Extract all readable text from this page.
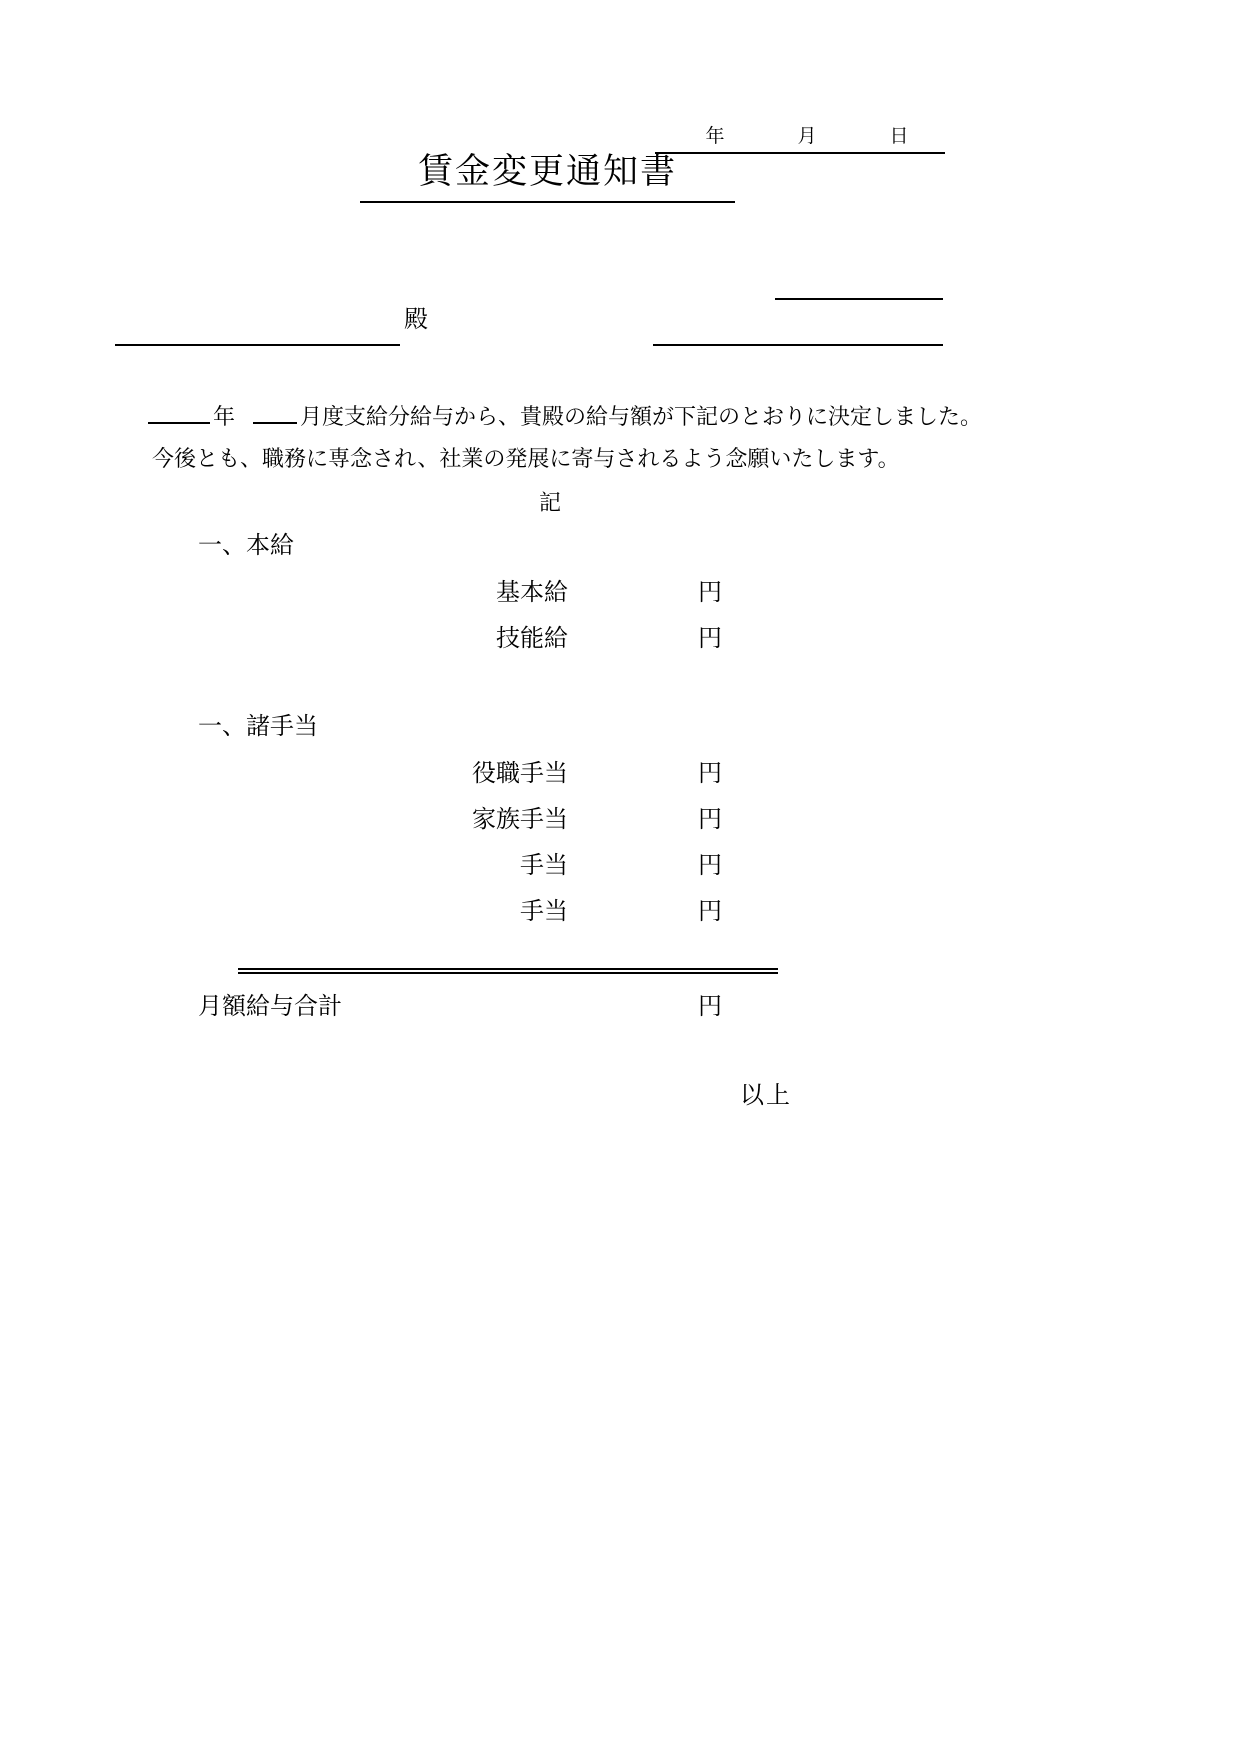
年	月	日
賃金変更通知書
殿
年	月度支給分給与から、貴殿の給与額が下記のとおりに決定しました。
今後とも、職務に専念され、社業の発展に寄与されるよう念願いたします。
記
一、本給
基本給	円
技能給	円
一、諸手当
役職手当	円
家族手当	円
手当	円
手当	円
月額給与合計	円
以上
